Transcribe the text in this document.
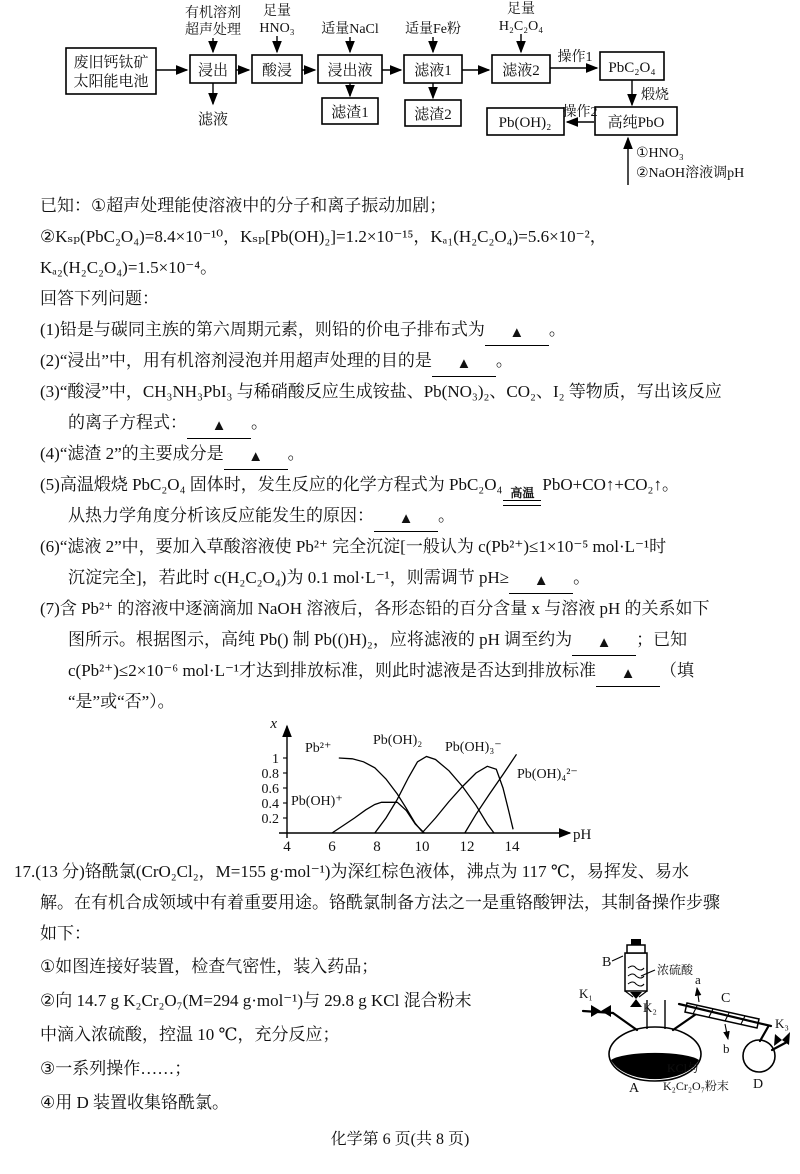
废旧钙钛矿
太阳能电池
浸出 酸浸 浸出液	滤液1	滤液2	PbC₂O₄
滤渣1	滤渣2	Pb(OH)₂	高纯PbO
有机溶剂
超声处理
足量
HNO₃ 适量NaCl 适量Fe粉
足量
H₂C₂O₄
操作1
滤液
煅烧
操作2
①HNO₃
②NaOH溶液调pH
已知：①超声处理能使溶液中的分子和离子振动加剧；
②Kₛₚ(PbC₂O₄)=8.4×10⁻¹⁰，Kₛₚ[Pb(OH)₂]=1.2×10⁻¹⁵，Kₐ₁(H₂C₂O₄)=5.6×10⁻²，
Kₐ₂(H₂C₂O₄)=1.5×10⁻⁴。
回答下列问题：
(1)铅是与碳同主族的第六周期元素，则铅的价电子排布式为 ▲ 。
(2)“浸出”中，用有机溶剂浸泡并用超声处理的目的是 ▲ 。
(3)“酸浸”中，CH₃NH₃PbI₃ 与稀硝酸反应生成铵盐、Pb(NO₃)₂、CO₂、I₂ 等物质，写出该反应
的离子方程式： ▲ 。
(4)“滤渣 2”的主要成分是 ▲ 。
(5)高温煅烧 PbC₂O₄ 固体时，发生反应的化学方程式为 PbC₂O₄ 高温 PbO+CO↑+CO₂↑。
从热力学角度分析该反应能发生的原因： ▲ 。
(6)“滤液 2”中，要加入草酸溶液使 Pb²⁺ 完全沉淀[一般认为 c(Pb²⁺)≤1×10⁻⁵ mol·L⁻¹时
沉淀完全]，若此时 c(H₂C₂O₄)为 0.1 mol·L⁻¹，则需调节 pH≥ ▲ 。
(7)含 Pb²⁺ 的溶液中逐滴滴加 NaOH 溶液后，各形态铅的百分含量 x 与溶液 pH 的关系如下
图所示。根据图示，高纯 Pb() 制 Pb(()H)₂，应将滤液的 pH 调至约为 ▲ ；已知
c(Pb²⁺)≤2×10⁻⁶ mol·L⁻¹才达到排放标准，则此时滤液是否达到排放标准 ▲ （填
“是”或“否”）。
x
pH
1
0.8
0.6
0.4
0.2
4	6	8 10 12 14
Pb²⁺
Pb(OH)₂ Pb(OH)₃⁻
Pb(OH)₄²⁻
Pb(OH)⁺
17.(13 分)铬酰氯(CrO₂Cl₂，M=155 g·mol⁻¹)为深红棕色液体，沸点为 117 ℃，易挥发、易水
解。在有机合成领域中有着重要用途。铬酰氯制备方法之一是重铬酸钾法，其制备操作步骤
如下：
①如图连接好装置，检查气密性，装入药品；
②向 14.7 g K₂Cr₂O₇(M=294 g·mol⁻¹)与 29.8 g KCl 混合粉末
中滴入浓硫酸，控温 10 ℃，充分反应；
③一系列操作……；
④用 D 装置收集铬酰氯。
K₁
B	浓硫酸
K₂
a
C
b
K₃
D
KCl与
K₂Cr₂O₇粉末
A
化学第 6 页(共 8 页)
